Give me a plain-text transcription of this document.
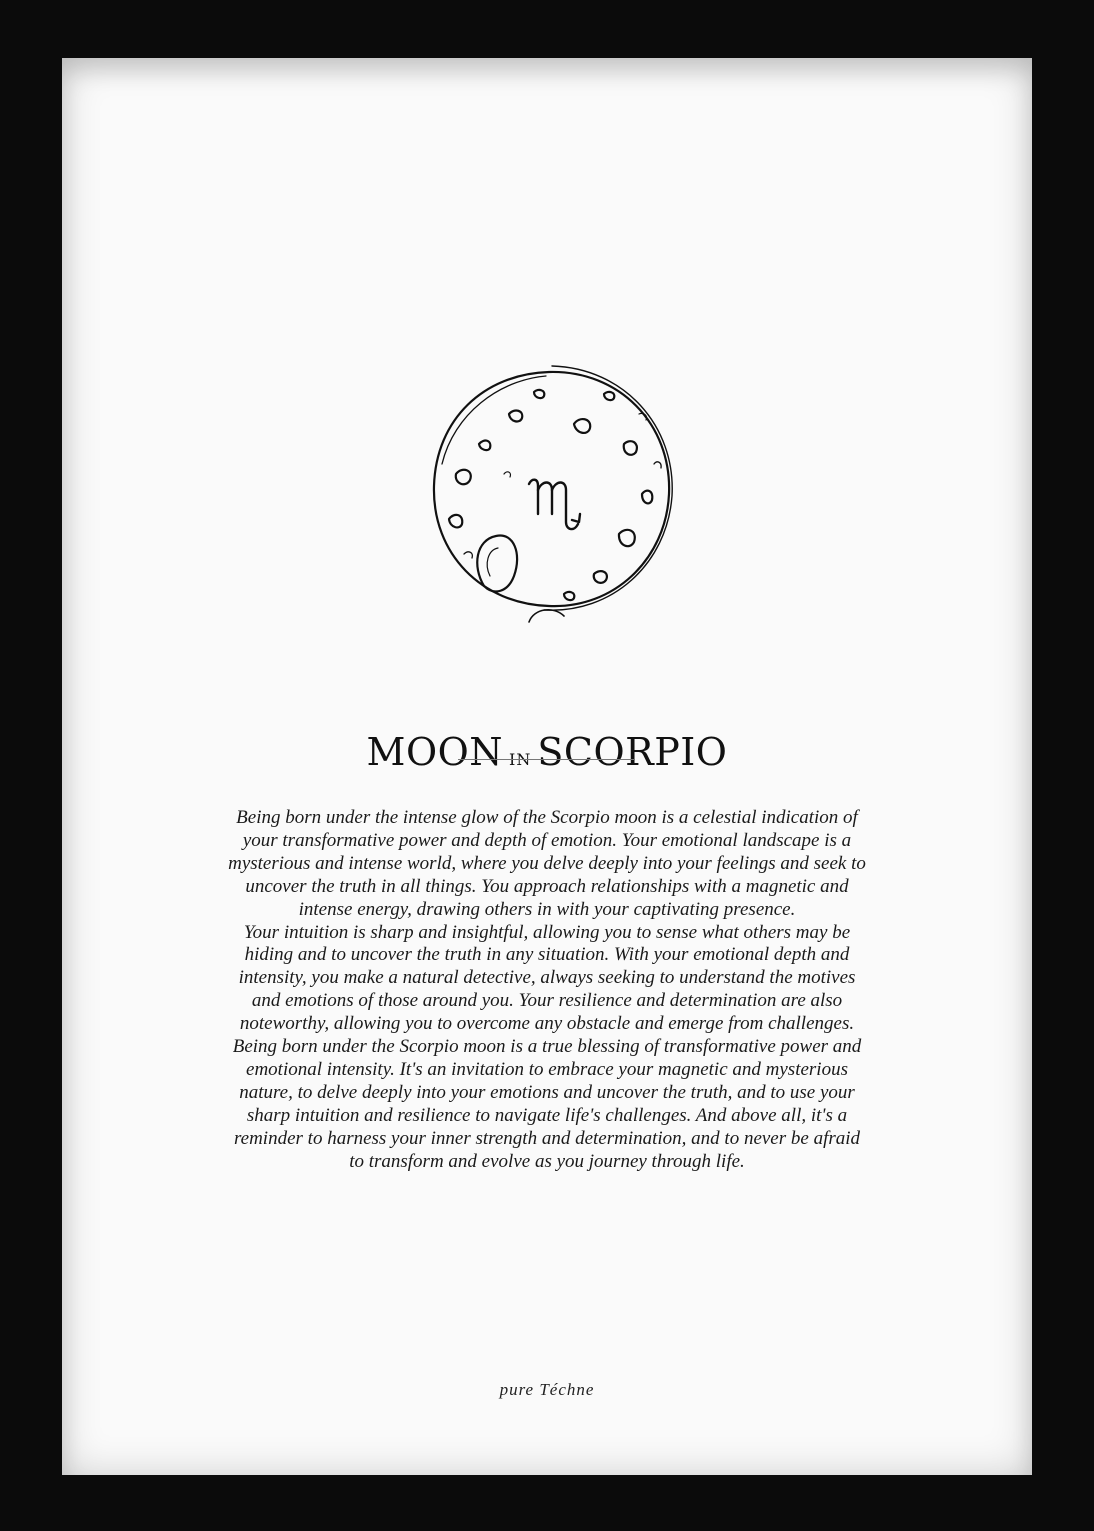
MOON IN SCORPIO
Being born under the intense glow of the Scorpio moon is a celestial indication of
your transformative power and depth of emotion. Your emotional landscape is a
mysterious and intense world, where you delve deeply into your feelings and seek to
uncover the truth in all things. You approach relationships with a magnetic and
intense energy, drawing others in with your captivating presence.
Your intuition is sharp and insightful, allowing you to sense what others may be
hiding and to uncover the truth in any situation. With your emotional depth and
intensity, you make a natural detective, always seeking to understand the motives
and emotions of those around you. Your resilience and determination are also
noteworthy, allowing you to overcome any obstacle and emerge from challenges.
Being born under the Scorpio moon is a true blessing of transformative power and
emotional intensity. It's an invitation to embrace your magnetic and mysterious
nature, to delve deeply into your emotions and uncover the truth, and to use your
sharp intuition and resilience to navigate life's challenges. And above all, it's a
reminder to harness your inner strength and determination, and to never be afraid
to transform and evolve as you journey through life.
pure Téchne
